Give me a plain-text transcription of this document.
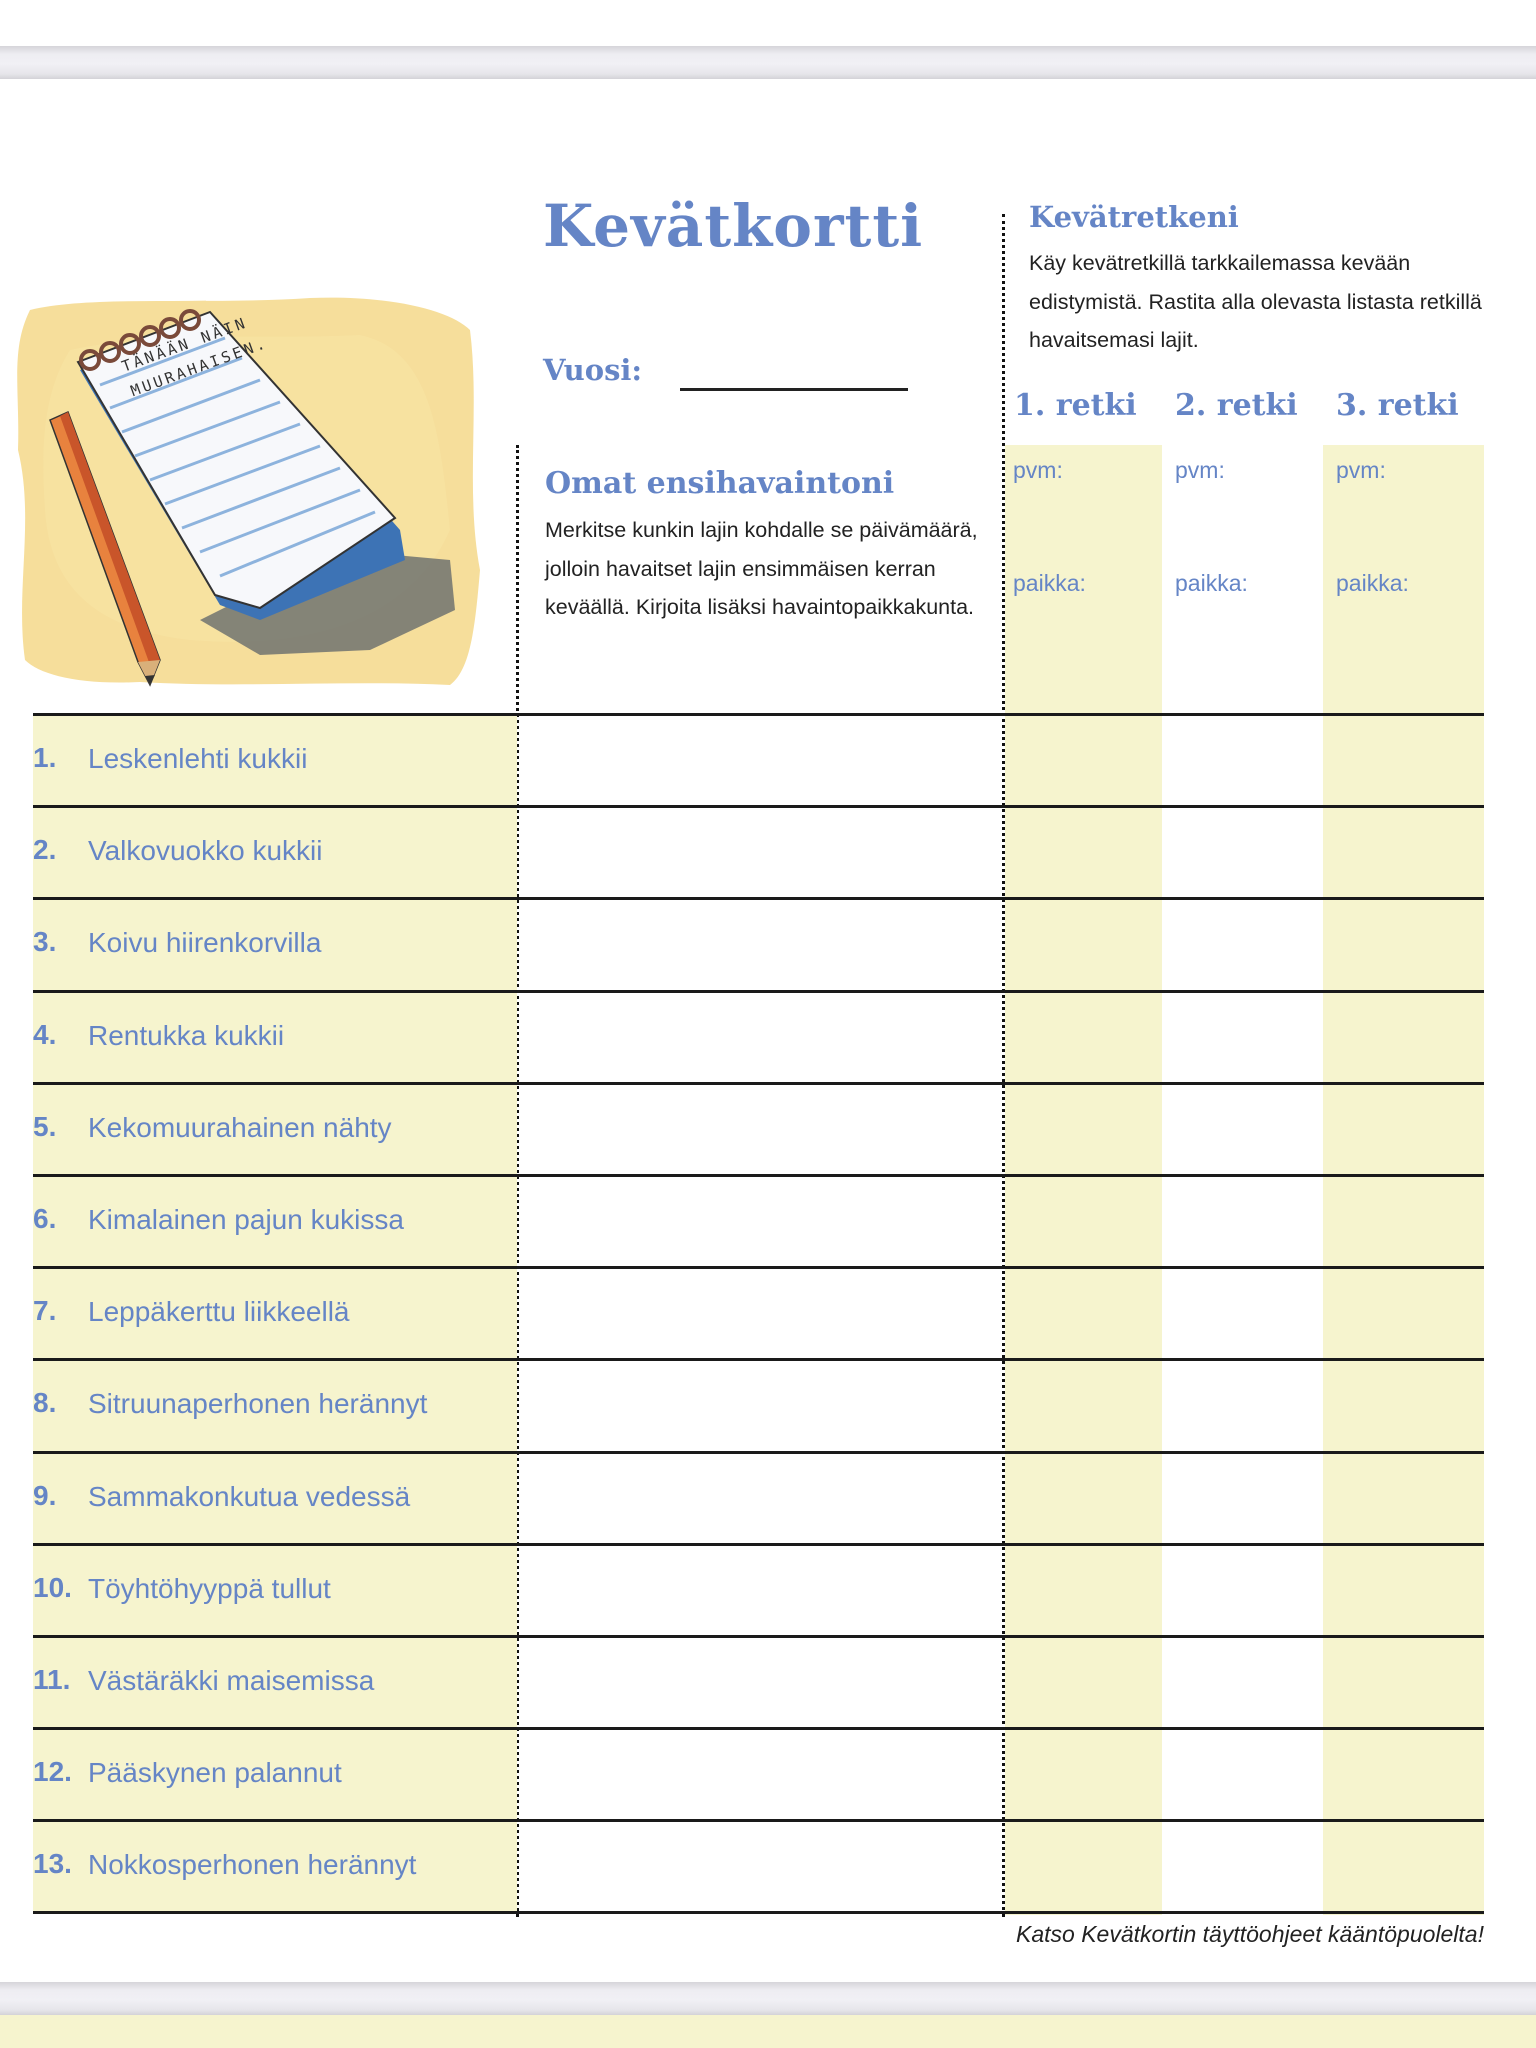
TÄNÄÄN NÄIN MUURAHAISEN.
Kevätkortti
Vuosi:
Kevätretkeni
Käy kevätretkillä tarkkailemassa kevään edistymistä. Rastita alla olevasta listasta retkillä havaitsemasi lajit.
1. retki 2. retki 3. retki
pvm:	pvm:	pvm:
paikka:	paikka:	paikka:
Omat ensihavaintoni
Merkitse kunkin lajin kohdalle se päivämäärä, jolloin havaitset lajin ensimmäisen kerran keväällä. Kirjoita lisäksi havaintopaikkakunta.
1. Leskenlehti kukkii
2. Valkovuokko kukkii
3. Koivu hiirenkorvilla
4. Rentukka kukkii
5. Kekomuurahainen nähty
6. Kimalainen pajun kukissa
7. Leppäkerttu liikkeellä
8. Sitruunaperhonen herännyt
9. Sammakonkutua vedessä
10. Töyhtöhyyppä tullut
11. Västäräkki maisemissa
12. Pääskynen palannut
13. Nokkosperhonen herännyt
Katso Kevätkortin täyttöohjeet kääntöpuolelta!
